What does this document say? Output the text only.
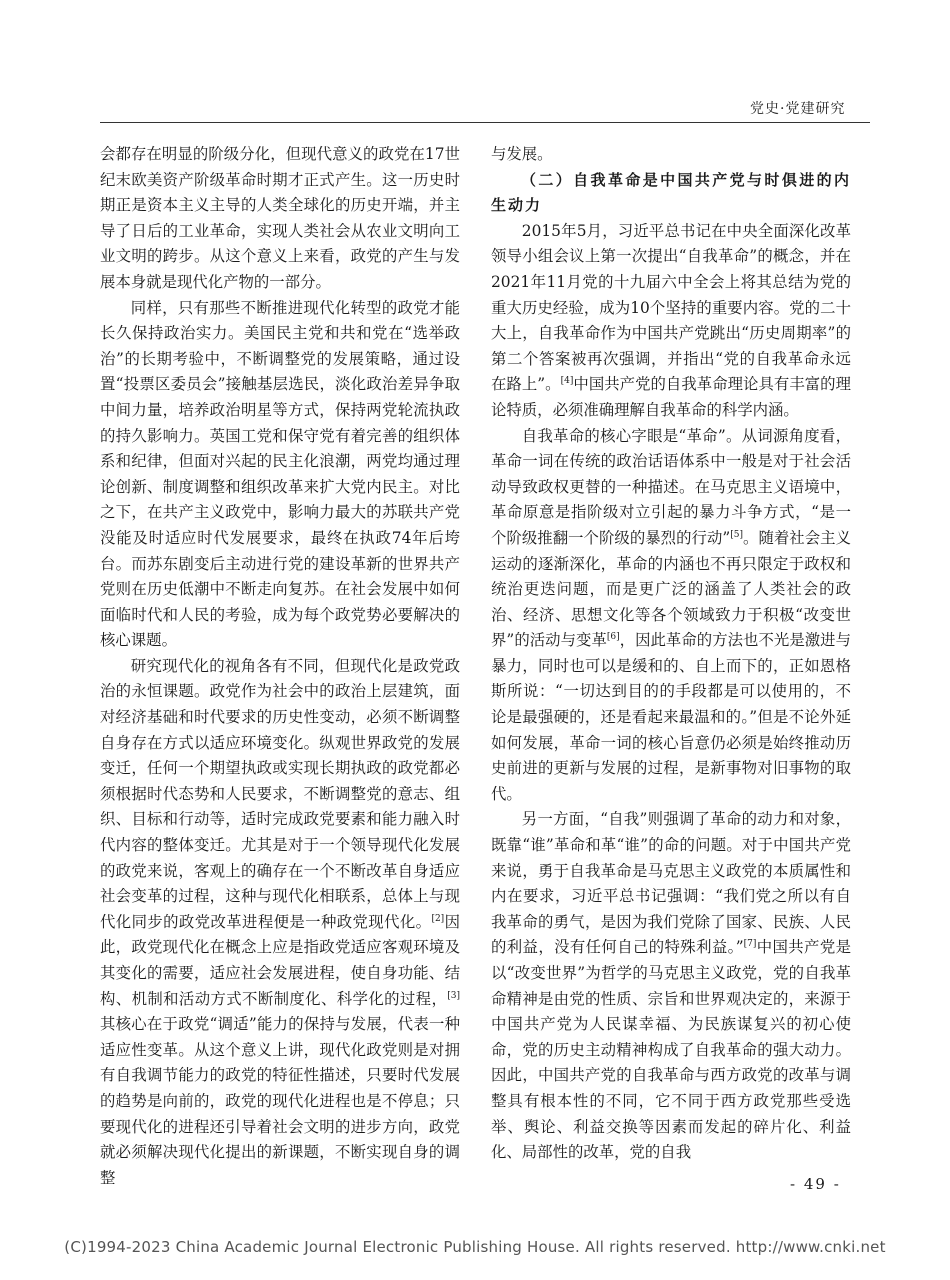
党史·党建研究

会都存在明显的阶级分化，但现代意义的政党在17世纪末欧美资产阶级革命时期才正式产生。这一历史时期正是资本主义主导的人类全球化的历史开端，并主导了日后的工业革命，实现人类社会从农业文明向工业文明的跨步。从这个意义上来看，政党的产生与发展本身就是现代化产物的一部分。

同样，只有那些不断推进现代化转型的政党才能长久保持政治实力。美国民主党和共和党在“选举政治”的长期考验中，不断调整党的发展策略，通过设置“投票区委员会”接触基层选民，淡化政治差异争取中间力量，培养政治明星等方式，保持两党轮流执政的持久影响力。英国工党和保守党有着完善的组织体系和纪律，但面对兴起的民主化浪潮，两党均通过理论创新、制度调整和组织改革来扩大党内民主。对比之下，在共产主义政党中，影响力最大的苏联共产党没能及时适应时代发展要求，最终在执政74年后垮台。而苏东剧变后主动进行党的建设革新的世界共产党则在历史低潮中不断走向复苏。在社会发展中如何面临时代和人民的考验，成为每个政党势必要解决的核心课题。

研究现代化的视角各有不同，但现代化是政党政治的永恒课题。政党作为社会中的政治上层建筑，面对经济基础和时代要求的历史性变动，必须不断调整自身存在方式以适应环境变化。纵观世界政党的发展变迁，任何一个期望执政或实现长期执政的政党都必须根据时代态势和人民要求，不断调整党的意志、组织、目标和行动等，适时完成政党要素和能力融入时代内容的整体变迁。尤其是对于一个领导现代化发展的政党来说，客观上的确存在一个不断改革自身适应社会变革的过程，这种与现代化相联系，总体上与现代化同步的政党改革进程便是一种政党现代化。[2]因此，政党现代化在概念上应是指政党适应客观环境及其变化的需要，适应社会发展进程，使自身功能、结构、机制和活动方式不断制度化、科学化的过程，[3]其核心在于政党“调适”能力的保持与发展，代表一种适应性变革。从这个意义上讲，现代化政党则是对拥有自我调节能力的政党的特征性描述，只要时代发展的趋势是向前的，政党的现代化进程也是不停息；只要现代化的进程还引导着社会文明的进步方向，政党就必须解决现代化提出的新课题，不断实现自身的调整

与发展。

（二）自我革命是中国共产党与时俱进的内生动力

2015年5月，习近平总书记在中央全面深化改革领导小组会议上第一次提出“自我革命”的概念，并在2021年11月党的十九届六中全会上将其总结为党的重大历史经验，成为10个坚持的重要内容。党的二十大上，自我革命作为中国共产党跳出“历史周期率”的第二个答案被再次强调，并指出“党的自我革命永远在路上”。[4]中国共产党的自我革命理论具有丰富的理论特质，必须准确理解自我革命的科学内涵。

自我革命的核心字眼是“革命”。从词源角度看，革命一词在传统的政治话语体系中一般是对于社会活动导致政权更替的一种描述。在马克思主义语境中，革命原意是指阶级对立引起的暴力斗争方式，“是一个阶级推翻一个阶级的暴烈的行动”[5]。随着社会主义运动的逐渐深化，革命的内涵也不再只限定于政权和统治更迭问题，而是更广泛的涵盖了人类社会的政治、经济、思想文化等各个领域致力于积极“改变世界”的活动与变革[6]，因此革命的方法也不光是激进与暴力，同时也可以是缓和的、自上而下的，正如恩格斯所说：“一切达到目的的手段都是可以使用的，不论是最强硬的，还是看起来最温和的。”但是不论外延如何发展，革命一词的核心旨意仍必须是始终推动历史前进的更新与发展的过程，是新事物对旧事物的取代。

另一方面，“自我”则强调了革命的动力和对象，既靠“谁”革命和革“谁”的命的问题。对于中国共产党来说，勇于自我革命是马克思主义政党的本质属性和内在要求，习近平总书记强调：“我们党之所以有自我革命的勇气，是因为我们党除了国家、民族、人民的利益，没有任何自己的特殊利益。”[7]中国共产党是以“改变世界”为哲学的马克思主义政党，党的自我革命精神是由党的性质、宗旨和世界观决定的，来源于中国共产党为人民谋幸福、为民族谋复兴的初心使命，党的历史主动精神构成了自我革命的强大动力。因此，中国共产党的自我革命与西方政党的改革与调整具有根本性的不同，它不同于西方政党那些受选举、舆论、利益交换等因素而发起的碎片化、利益化、局部性的改革，党的自我

- 49 -
(C)1994-2023 China Academic Journal Electronic Publishing House. All rights reserved. http://www.cnki.net
